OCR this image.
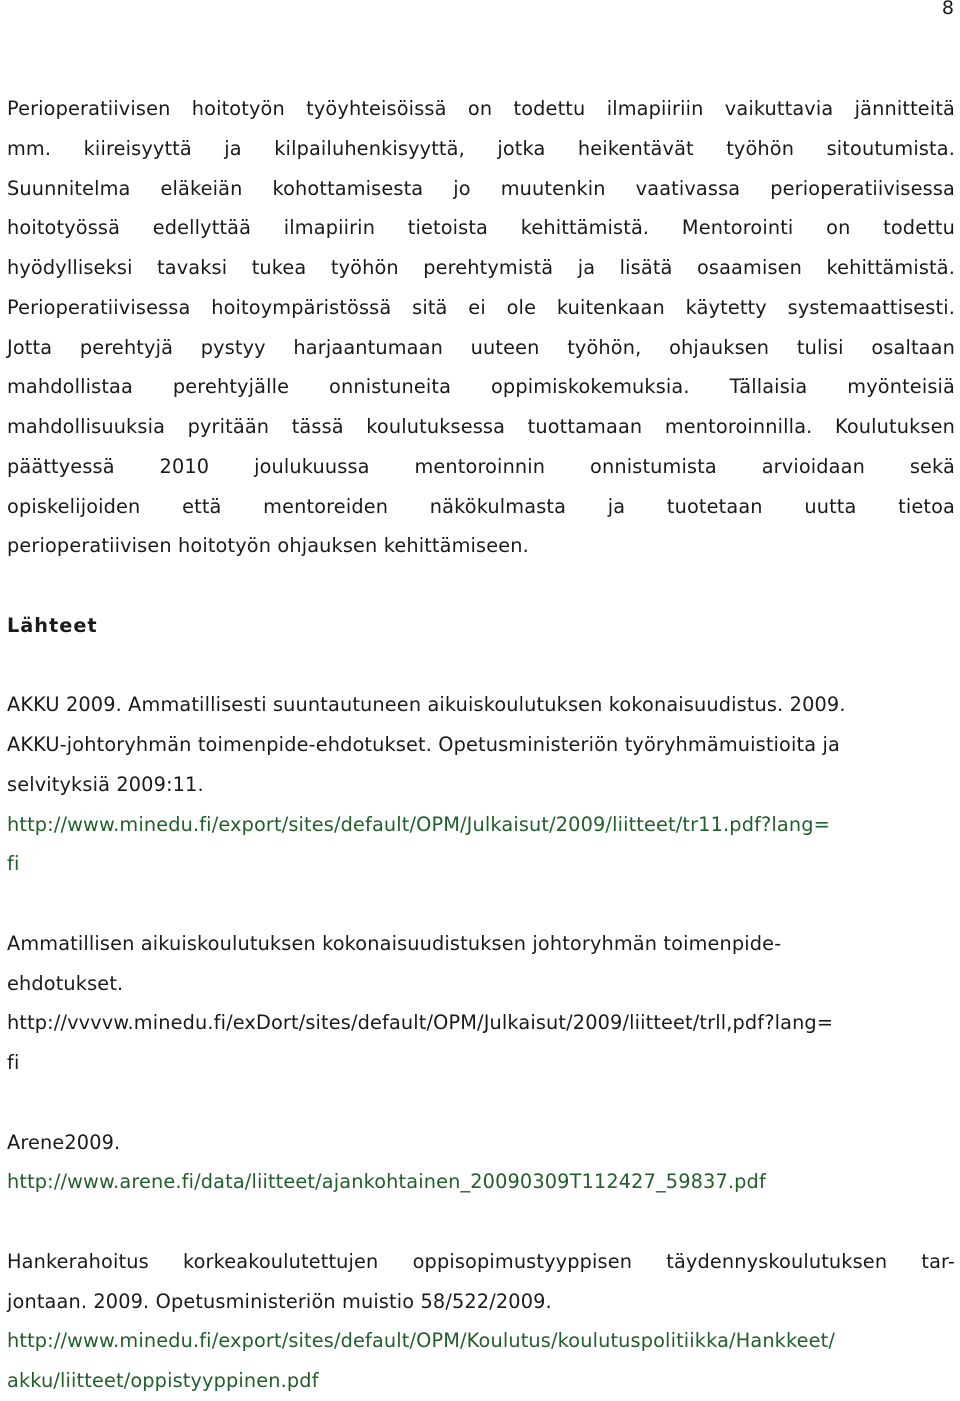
8
Perioperatiivisen hoitotyön työyhteisöissä on todettu ilmapiiriin vaikuttavia jännitteitä
mm. kiireisyyttä ja kilpailuhenkisyyttä, jotka heikentävät työhön sitoutumista.
Suunnitelma eläkeiän kohottamisesta jo muutenkin vaativassa perioperatiivisessa
hoitotyössä edellyttää ilmapiirin tietoista kehittämistä. Mentorointi on todettu
hyödylliseksi tavaksi tukea työhön perehtymistä ja lisätä osaamisen kehittämistä.
Perioperatiivisessa hoitoympäristössä sitä ei ole kuitenkaan käytetty systemaattisesti.
Jotta perehtyjä pystyy harjaantumaan uuteen työhön, ohjauksen tulisi osaltaan
mahdollistaa perehtyjälle onnistuneita oppimiskokemuksia. Tällaisia myönteisiä
mahdollisuuksia pyritään tässä koulutuksessa tuottamaan mentoroinnilla. Koulutuksen
päättyessä 2010 joulukuussa mentoroinnin onnistumista arvioidaan sekä
opiskelijoiden että mentoreiden näkökulmasta ja tuotetaan uutta tietoa
perioperatiivisen hoitotyön ohjauksen kehittämiseen.
Lähteet
AKKU 2009. Ammatillisesti suuntautuneen aikuiskoulutuksen kokonaisuudistus. 2009.
AKKU-johtoryhmän toimenpide-ehdotukset. Opetusministeriön työryhmämuistioita ja
selvityksiä 2009:11.
http://www.minedu.fi/export/sites/default/OPM/Julkaisut/2009/liitteet/tr11.pdf?lang=
fi
Ammatillisen aikuiskoulutuksen kokonaisuudistuksen johtoryhmän toimenpide-
ehdotukset.
http://vvvvw.minedu.fi/exDort/sites/default/OPM/Julkaisut/2009/liitteet/trll,pdf?lang=
fi
Arene2009.
http://www.arene.fi/data/liitteet/ajankohtainen_20090309T112427_59837.pdf
Hankerahoitus korkeakoulutettujen oppisopimustyyppisen täydennyskoulutuksen tar-
jontaan. 2009. Opetusministeriön muistio 58/522/2009.
http://www.minedu.fi/export/sites/default/OPM/Koulutus/koulutuspolitiikka/Hankkeet/
akku/liitteet/oppistyyppinen.pdf
